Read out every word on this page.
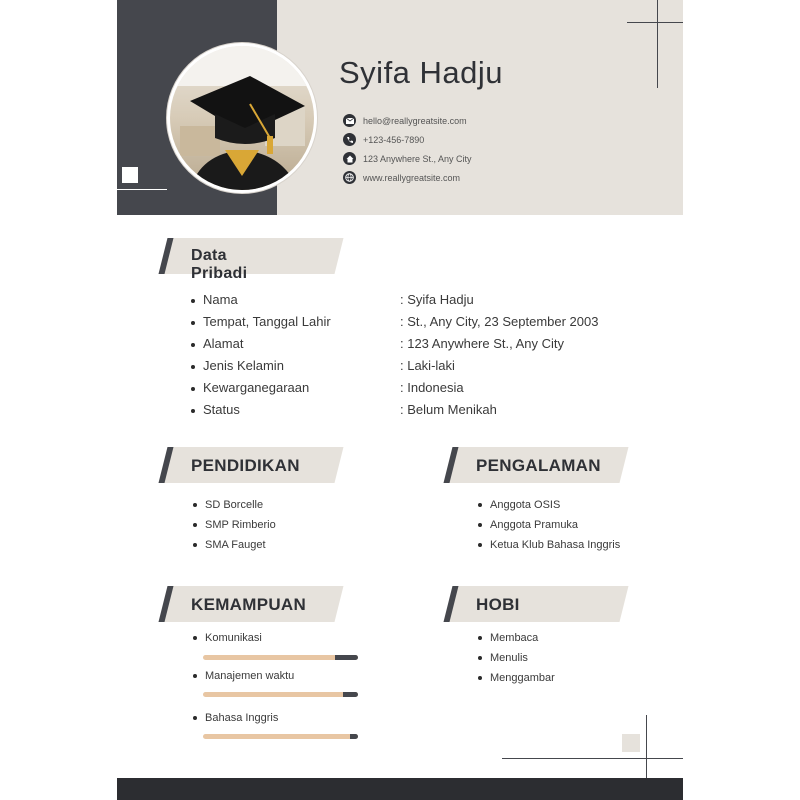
Syifa Hadju
hello@reallygreatsite.com
+123-456-7890
123 Anywhere St., Any City
www.reallygreatsite.com
Data Pribadi
Nama	: Syifa Hadju
Tempat, Tanggal Lahir	: St., Any City, 23 September 2003
Alamat	: 123 Anywhere St., Any City
Jenis Kelamin	: Laki-laki
Kewarganegaraan	: Indonesia
Status	: Belum Menikah
PENDIDIKAN
SD Borcelle
SMP Rimberio
SMA Fauget
PENGALAMAN
Anggota OSIS
Anggota Pramuka
Ketua Klub Bahasa Inggris
KEMAMPUAN
Komunikasi
Manajemen waktu
Bahasa Inggris
HOBI
Membaca
Menulis
Menggambar
